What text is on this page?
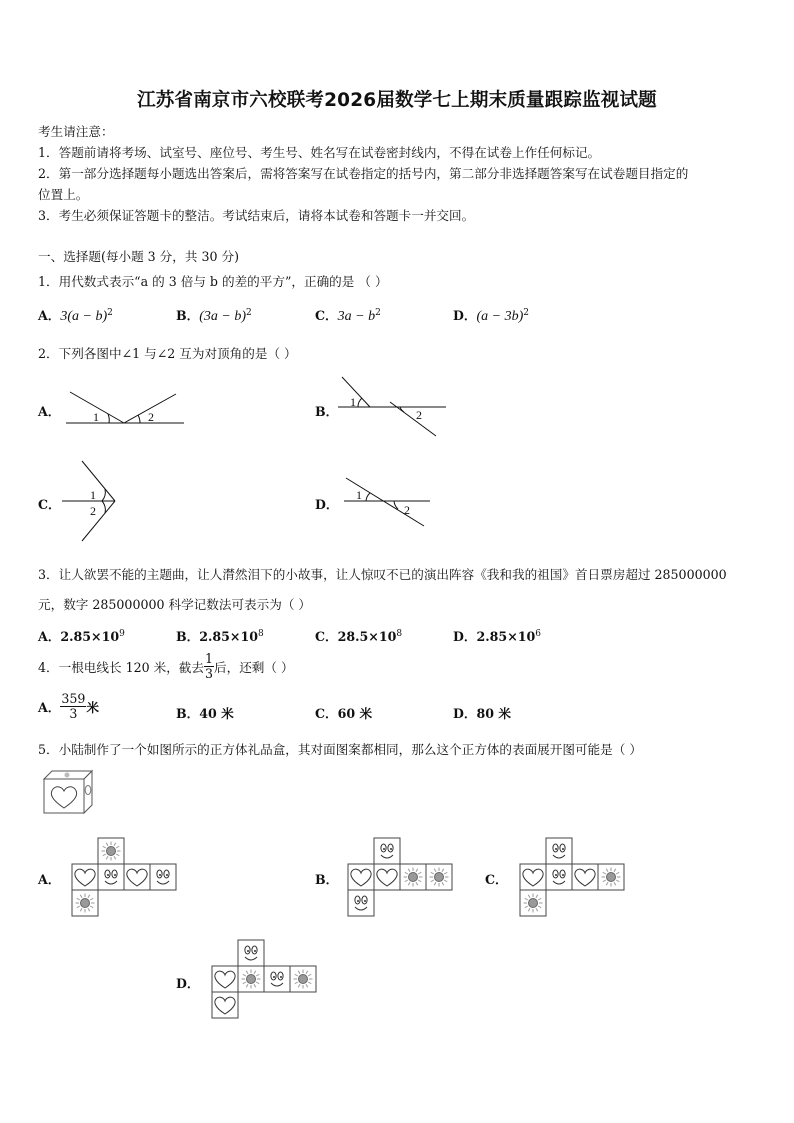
江苏省南京市六校联考2026届数学七上期末质量跟踪监视试题
考生请注意：
1．答题前请将考场、试室号、座位号、考生号、姓名写在试卷密封线内，不得在试卷上作任何标记。
2．第一部分选择题每小题选出答案后，需将答案写在试卷指定的括号内，第二部分非选择题答案写在试卷题目指定的
位置上。
3．考生必须保证答题卡的整洁。考试结束后，请将本试卷和答题卡一并交回。
一、选择题(每小题 3 分，共 30 分)
1．用代数式表示“a 的 3 倍与 b 的差的平方”，正确的是 （ ）
A．$3(a - b)^2$	B．$(3a - b)^2$	C．$3a - b^2$	D．$(a - 3b)^2$
2．下列各图中∠1 与∠2 互为对顶角的是（ ）
A．	1	2	B．
1
2
C．
1
2	D．
1
2
3．让人欲罢不能的主题曲，让人潸然泪下的小故事，让人惊叹不已的演出阵容《我和我的祖国》首日票房超过 285000000
元，数字 285000000 科学记数法可表示为（ ）
A．$2.85\times 10^9$	B．$2.85\times 10^8$	C．$28.5\times 10^8$	D．$2.85\times 10^6$
4．一根电线长 120 米，截去 $\frac{1}{3}$ 后，还剩（ ）
A． $\frac{359}{3}$ 米	B．40 米	C．60 米	D．80 米
5．小陆制作了一个如图所示的正方体礼品盒，其对面图案都相同，那么这个正方体的表面展开图可能是（ ）
A．	B．	C．
D．
